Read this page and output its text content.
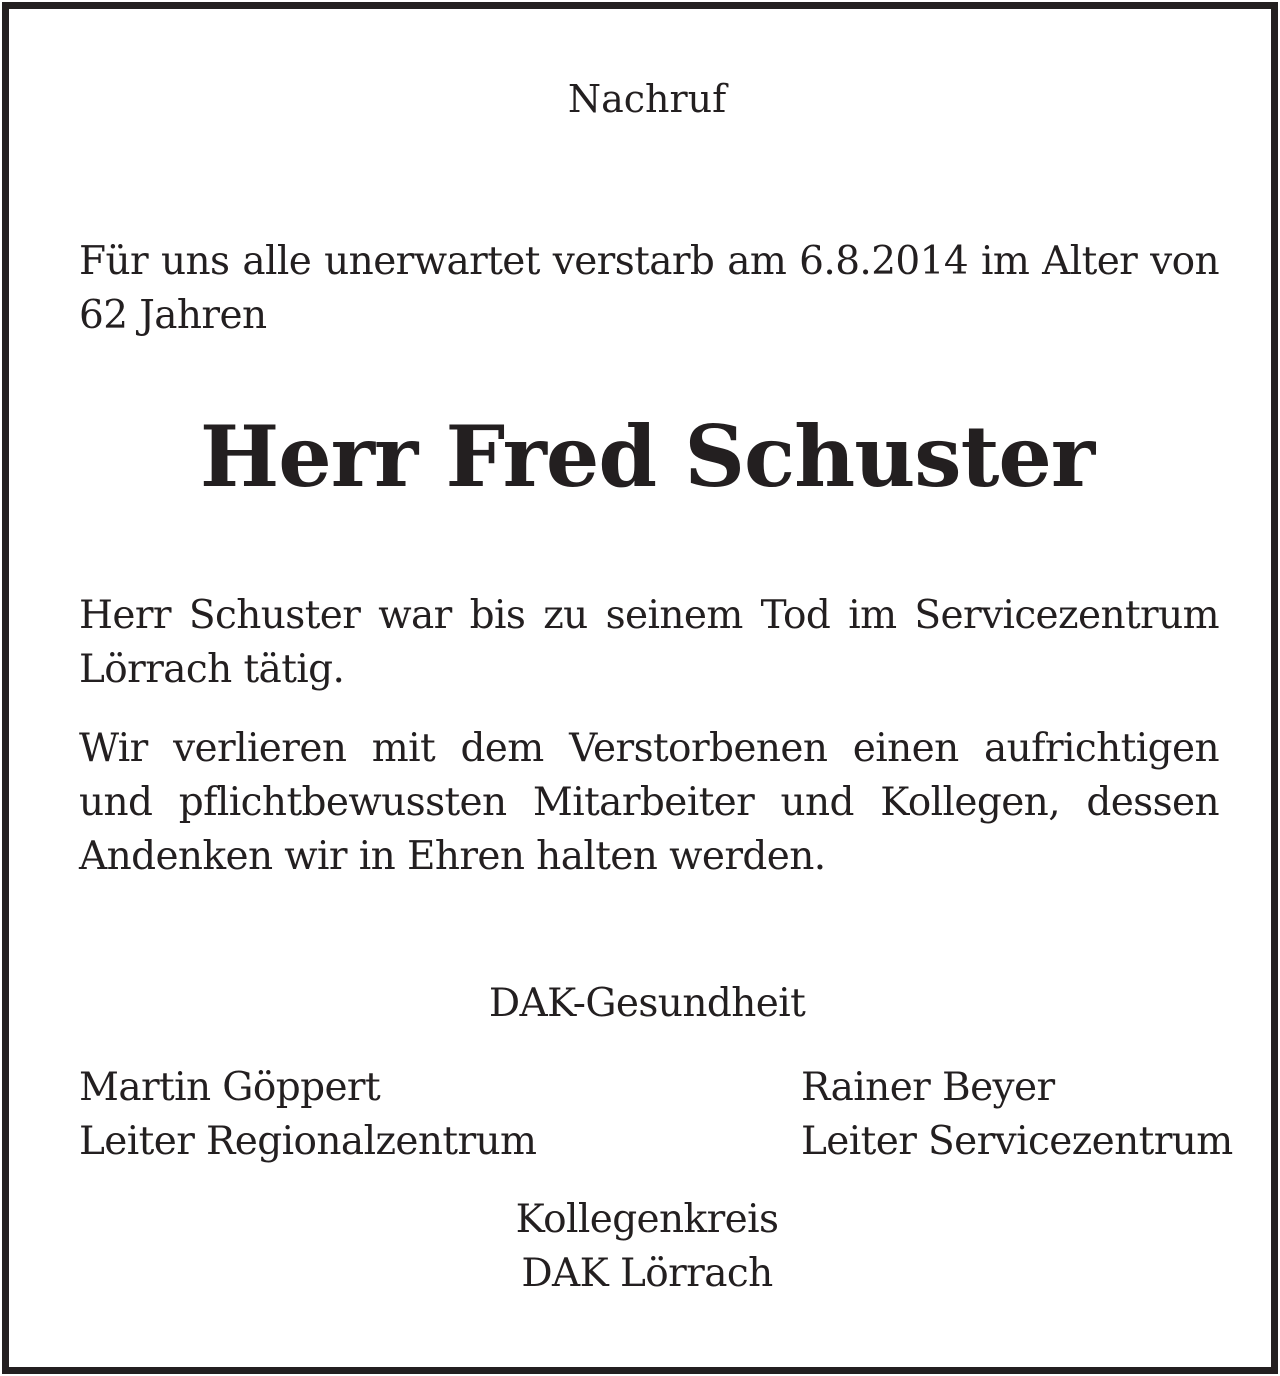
Nachruf

Für uns alle unerwartet verstarb am 6.8.2014 im Alter von 62 Jahren

Herr Fred Schuster

Herr Schuster war bis zu seinem Tod im Servicezentrum Lörrach tätig.

Wir verlieren mit dem Verstorbenen einen aufrichtigen und pflichtbewussten Mitarbeiter und Kollegen, dessen Andenken wir in Ehren halten werden.

DAK-Gesundheit
Martin Göppert
Leiter Regionalzentrum
Rainer Beyer
Leiter Servicezentrum
Kollegenkreis
DAK Lörrach
